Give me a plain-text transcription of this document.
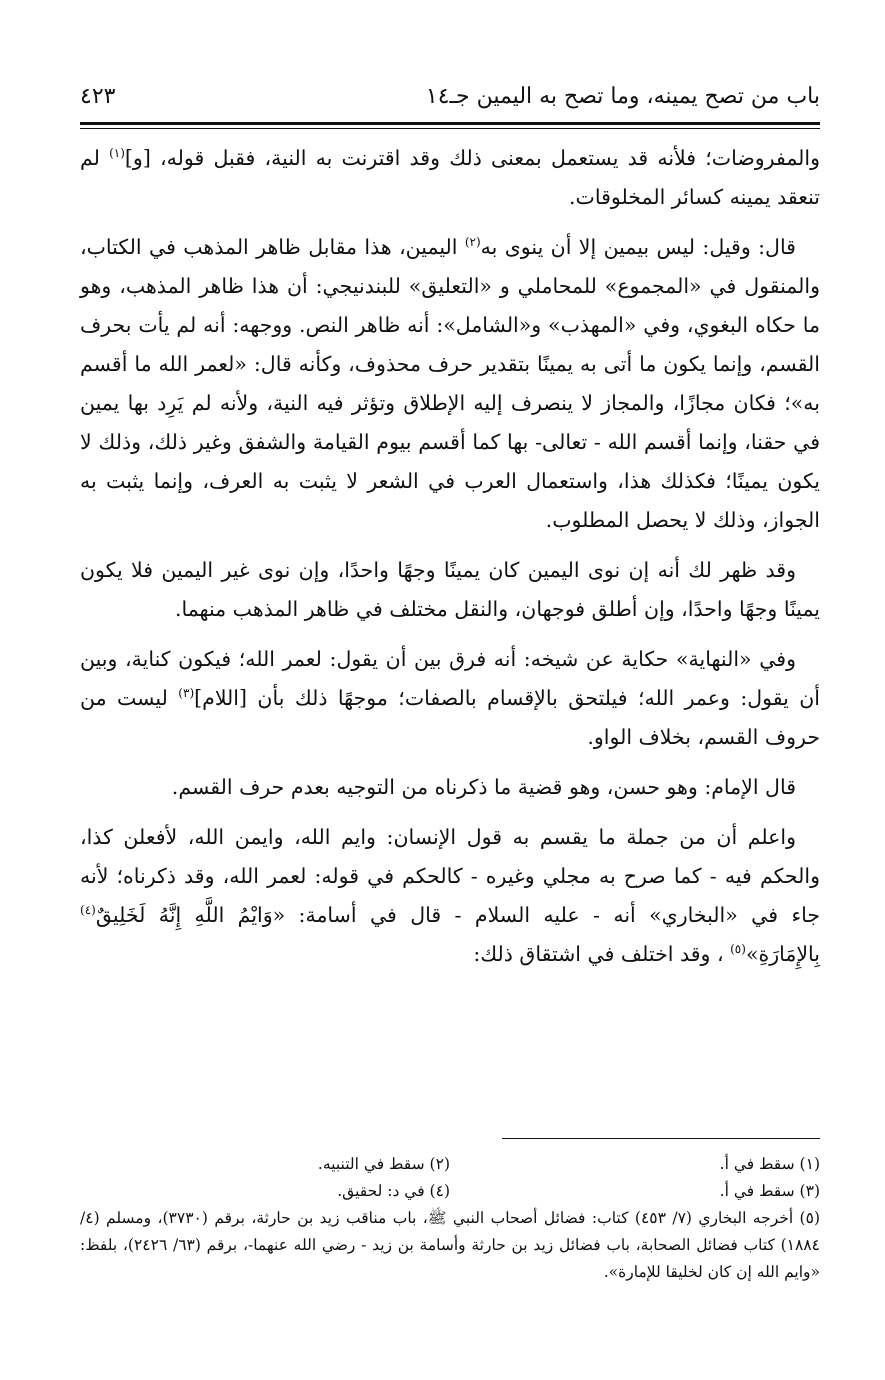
باب من تصح يمينه، وما تصح به اليمين جـ١٤
٤٢٣

والمفروضات؛ فلأنه قد يستعمل بمعنى ذلك وقد اقترنت به النية، فقبل قوله، [و]$^{(١)}$ لم تنعقد يمينه كسائر المخلوقات.

قال: وقيل: ليس بيمين إلا أن ينوى به$^{(٢)}$ اليمين، هذا مقابل ظاهر المذهب في الكتاب، والمنقول في «المجموع» للمحاملي و «التعليق» للبندنيجي: أن هذا ظاهر المذهب، وهو ما حكاه البغوي، وفي «المهذب» و«الشامل»: أنه ظاهر النص. ووجهه: أنه لم يأت بحرف القسم، وإنما يكون ما أتى به يمينًا بتقدير حرف محذوف، وكأنه قال: «لعمر الله ما أقسم به»؛ فكان مجازًا، والمجاز لا ينصرف إليه الإطلاق وتؤثر فيه النية، ولأنه لم يَرِد بها يمين في حقنا، وإنما أقسم الله - تعالى- بها كما أقسم بيوم القيامة والشفق وغير ذلك، وذلك لا يكون يمينًا؛ فكذلك هذا، واستعمال العرب في الشعر لا يثبت به العرف، وإنما يثبت به الجواز، وذلك لا يحصل المطلوب.

وقد ظهر لك أنه إن نوى اليمين كان يمينًا وجهًا واحدًا، وإن نوى غير اليمين فلا يكون يمينًا وجهًا واحدًا، وإن أطلق فوجهان، والنقل مختلف في ظاهر المذهب منهما.

وفي «النهاية» حكاية عن شيخه: أنه فرق بين أن يقول: لعمر الله؛ فيكون كناية، وبين أن يقول: وعمر الله؛ فيلتحق بالإقسام بالصفات؛ موجهًا ذلك بأن [اللام]$^{(٣)}$ ليست من حروف القسم، بخلاف الواو.

قال الإمام: وهو حسن، وهو قضية ما ذكرناه من التوجيه بعدم حرف القسم.

واعلم أن من جملة ما يقسم به قول الإنسان: وايم الله، وايمن الله، لأفعلن كذا، والحكم فيه - كما صرح به مجلي وغيره - كالحكم في قوله: لعمر الله، وقد ذكرناه؛ لأنه جاء في «البخاري» أنه - عليه السلام - قال في أسامة: «وَايْمُ اللَّهِ إِنَّهُ لَخَلِيقٌ$^{(٤)}$ بِالإِمَارَةِ»$^{(٥)}$ ، وقد اختلف في اشتقاق ذلك:

(١) سقط في أ.
(٢) سقط في التنبيه.
(٣) سقط في أ.
(٤) في د: لحقيق.
(٥) أخرجه البخاري (٧/ ٤٥٣) كتاب: فضائل أصحاب النبي ﷺ، باب مناقب زيد بن حارثة، برقم (٣٧٣٠)، ومسلم (٤/ ١٨٨٤) كتاب فضائل الصحابة، باب فضائل زيد بن حارثة وأسامة بن زيد - رضي الله عنهما-، برقم (٦٣/ ٢٤٢٦)، بلفظ: «وايم الله إن كان لخليقا للإمارة».
